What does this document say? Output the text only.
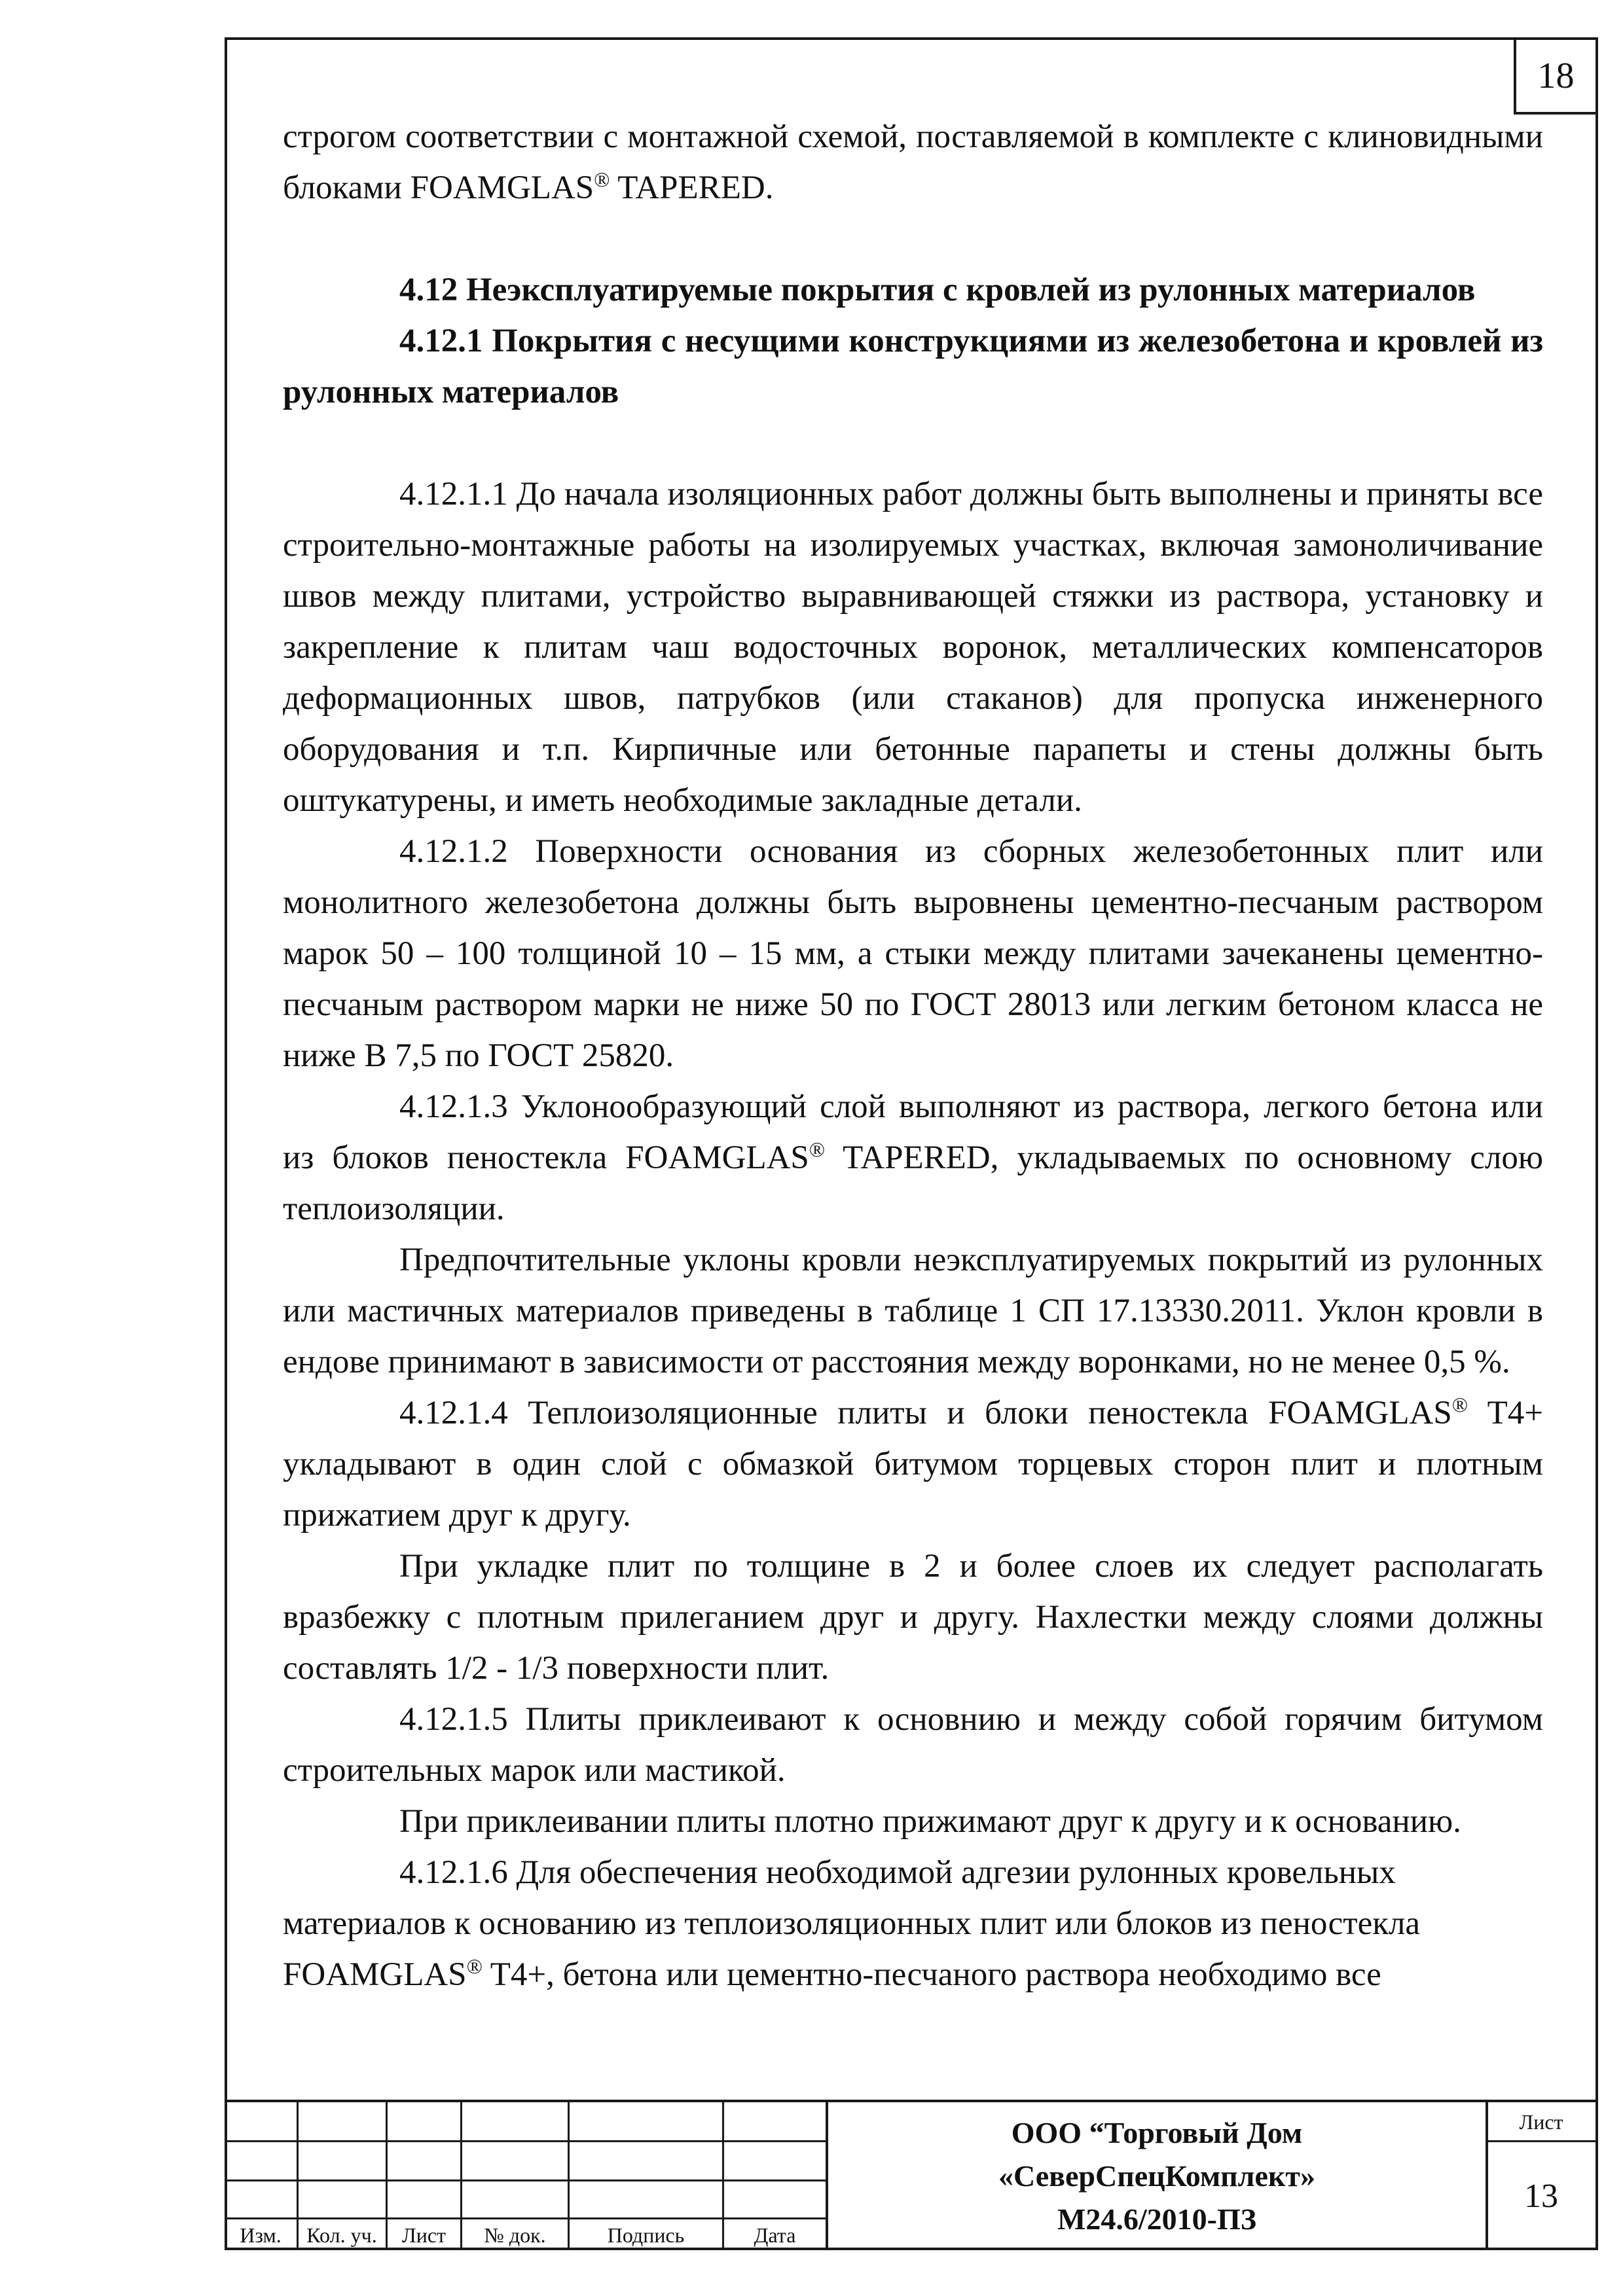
18

строгом соответствии с монтажной схемой, поставляемой в комплекте с клиновидными блоками FOAMGLAS® TAPERED.

4.12 Неэксплуатируемые покрытия с кровлей из рулонных материалов

4.12.1 Покрытия с несущими конструкциями из железобетона и кровлей из рулонных материалов

4.12.1.1 До начала изоляционных работ должны быть выполнены и приняты все строительно-монтажные работы на изолируемых участках, включая замоноличивание швов между плитами, устройство выравнивающей стяжки из раствора, установку и закрепление к плитам чаш водосточных воронок, металлических компенсаторов деформационных швов, патрубков (или стаканов) для пропуска инженерного оборудования и т.п. Кирпичные или бетонные парапеты и стены должны быть оштукатурены, и иметь необходимые закладные детали.

4.12.1.2 Поверхности основания из сборных железобетонных плит или монолитного железобетона должны быть выровнены цементно-песчаным раствором марок 50 – 100 толщиной 10 – 15 мм, а стыки между плитами зачеканены цементно-песчаным раствором марки не ниже 50 по ГОСТ 28013 или легким бетоном класса не ниже В 7,5 по ГОСТ 25820.

4.12.1.3 Уклонообразующий слой выполняют из раствора, легкого бетона или из блоков пеностекла FOAMGLAS® TAPERED, укладываемых по основному слою теплоизоляции.

Предпочтительные уклоны кровли неэксплуатируемых покрытий из рулонных или мастичных материалов приведены в таблице 1 СП 17.13330.2011. Уклон кровли в ендове принимают в зависимости от расстояния между воронками, но не менее 0,5 %.

4.12.1.4 Теплоизоляционные плиты и блоки пеностекла FOAMGLAS® T4+ укладывают в один слой с обмазкой битумом торцевых сторон плит и плотным прижатием друг к другу.

При укладке плит по толщине в 2 и более слоев их следует располагать вразбежку с плотным прилеганием друг и другу. Нахлестки между слоями должны составлять 1/2 - 1/3 поверхности плит.

4.12.1.5 Плиты приклеивают к основнию и между собой горячим битумом строительных марок или мастикой.

При приклеивании плиты плотно прижимают друг к другу и к основанию.

4.12.1.6 Для обеспечения необходимой адгезии рулонных кровельных материалов к основанию из теплоизоляционных плит или блоков из пеностекла FOAMGLAS® T4+, бетона или цементно-песчаного раствора необходимо все

Изм.	Кол. уч.	Лист	№ док.	Подпись	Дата
ООО “Торговый Дом
«СеверСпецКомплект»
М24.6/2010-ПЗ
Лист
13
